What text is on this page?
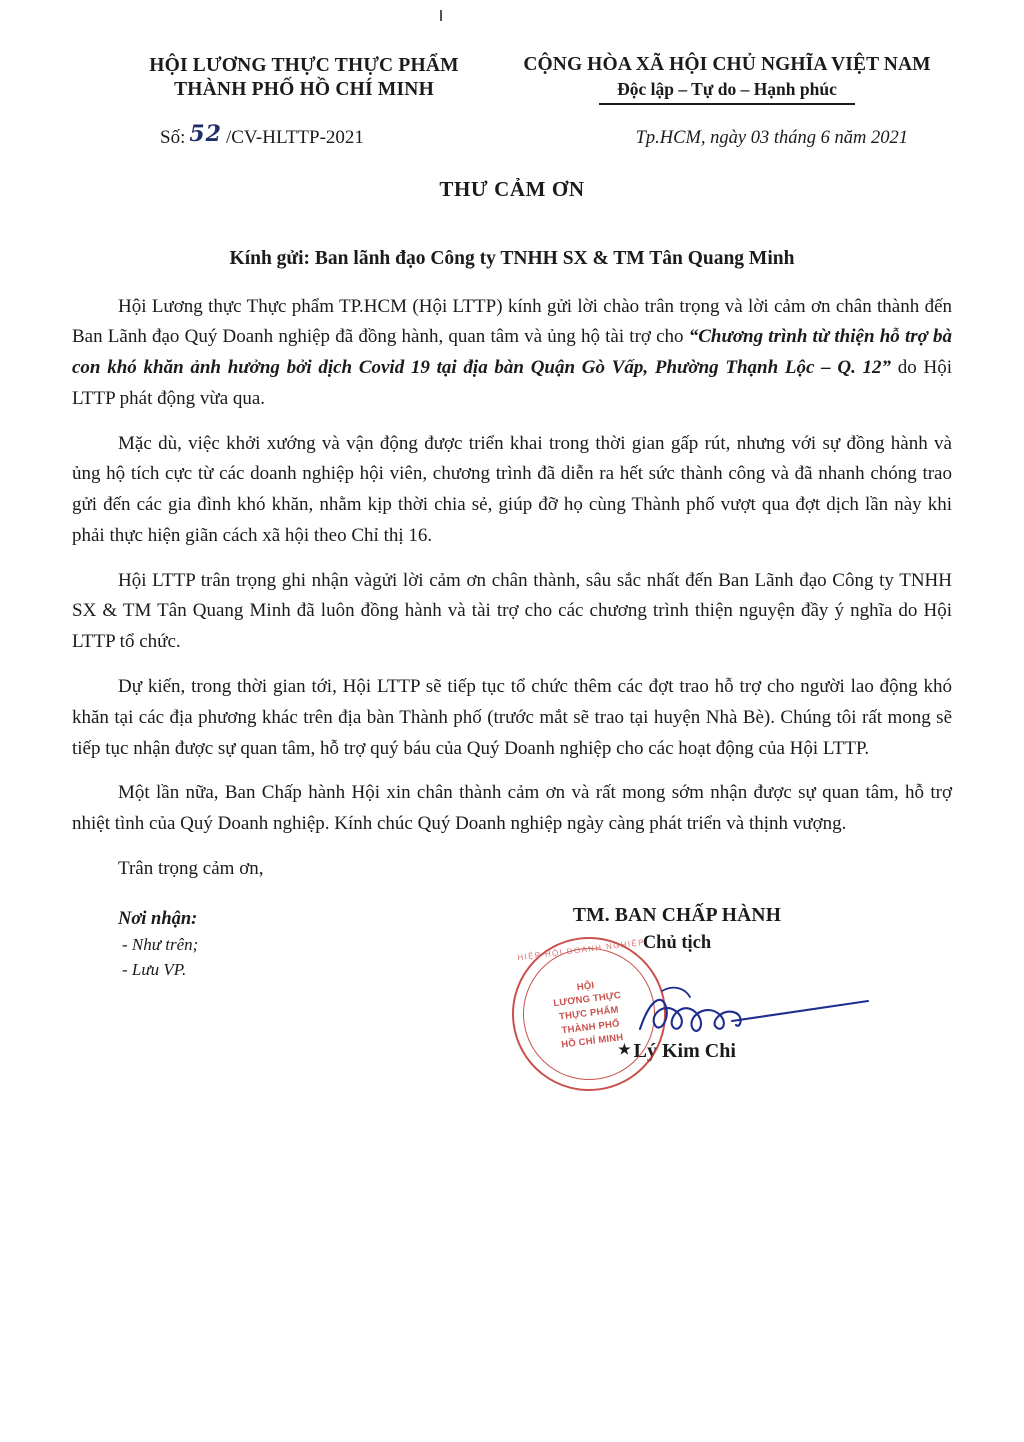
HỘI LƯƠNG THỰC THỰC PHẨM
THÀNH PHỐ HỒ CHÍ MINH
CỘNG HÒA XÃ HỘI CHỦ NGHĨA VIỆT NAM
Độc lập – Tự do – Hạnh phúc
Số: 52 /CV-HLTTP-2021	Tp.HCM, ngày 03 tháng 6 năm 2021
THƯ CẢM ƠN
Kính gửi: Ban lãnh đạo Công ty TNHH SX & TM Tân Quang Minh

Hội Lương thực Thực phẩm TP.HCM (Hội LTTP) kính gửi lời chào trân trọng và lời cảm ơn chân thành đến Ban Lãnh đạo Quý Doanh nghiệp đã đồng hành, quan tâm và ủng hộ tài trợ cho “Chương trình từ thiện hỗ trợ bà con khó khăn ảnh hưởng bởi dịch Covid 19 tại địa bàn Quận Gò Vấp, Phường Thạnh Lộc – Q. 12” do Hội LTTP phát động vừa qua.

Mặc dù, việc khởi xướng và vận động được triển khai trong thời gian gấp rút, nhưng với sự đồng hành và ủng hộ tích cực từ các doanh nghiệp hội viên, chương trình đã diễn ra hết sức thành công và đã nhanh chóng trao gửi đến các gia đình khó khăn, nhằm kịp thời chia sẻ, giúp đỡ họ cùng Thành phố vượt qua đợt dịch lần này khi phải thực hiện giãn cách xã hội theo Chỉ thị 16.

Hội LTTP trân trọng ghi nhận vàgửi lời cảm ơn chân thành, sâu sắc nhất đến Ban Lãnh đạo Công ty TNHH SX & TM Tân Quang Minh đã luôn đồng hành và tài trợ cho các chương trình thiện nguyện đầy ý nghĩa do Hội LTTP tổ chức.

Dự kiến, trong thời gian tới, Hội LTTP sẽ tiếp tục tổ chức thêm các đợt trao hỗ trợ cho người lao động khó khăn tại các địa phương khác trên địa bàn Thành phố (trước mắt sẽ trao tại huyện Nhà Bè). Chúng tôi rất mong sẽ tiếp tục nhận được sự quan tâm, hỗ trợ quý báu của Quý Doanh nghiệp cho các hoạt động của Hội LTTP.

Một lần nữa, Ban Chấp hành Hội xin chân thành cảm ơn và rất mong sớm nhận được sự quan tâm, hỗ trợ nhiệt tình của Quý Doanh nghiệp. Kính chúc Quý Doanh nghiệp ngày càng phát triển và thịnh vượng.

Trân trọng cảm ơn,

Nơi nhận:
- Như trên;
- Lưu VP.
TM. BAN CHẤP HÀNH
Chủ tịch
★ Lý Kim Chi
HIỆP HỘI DOANH NGHIỆP
HỘI
LƯƠNG THỰC
THỰC PHẨM
THÀNH PHỐ
HỒ CHÍ MINH
